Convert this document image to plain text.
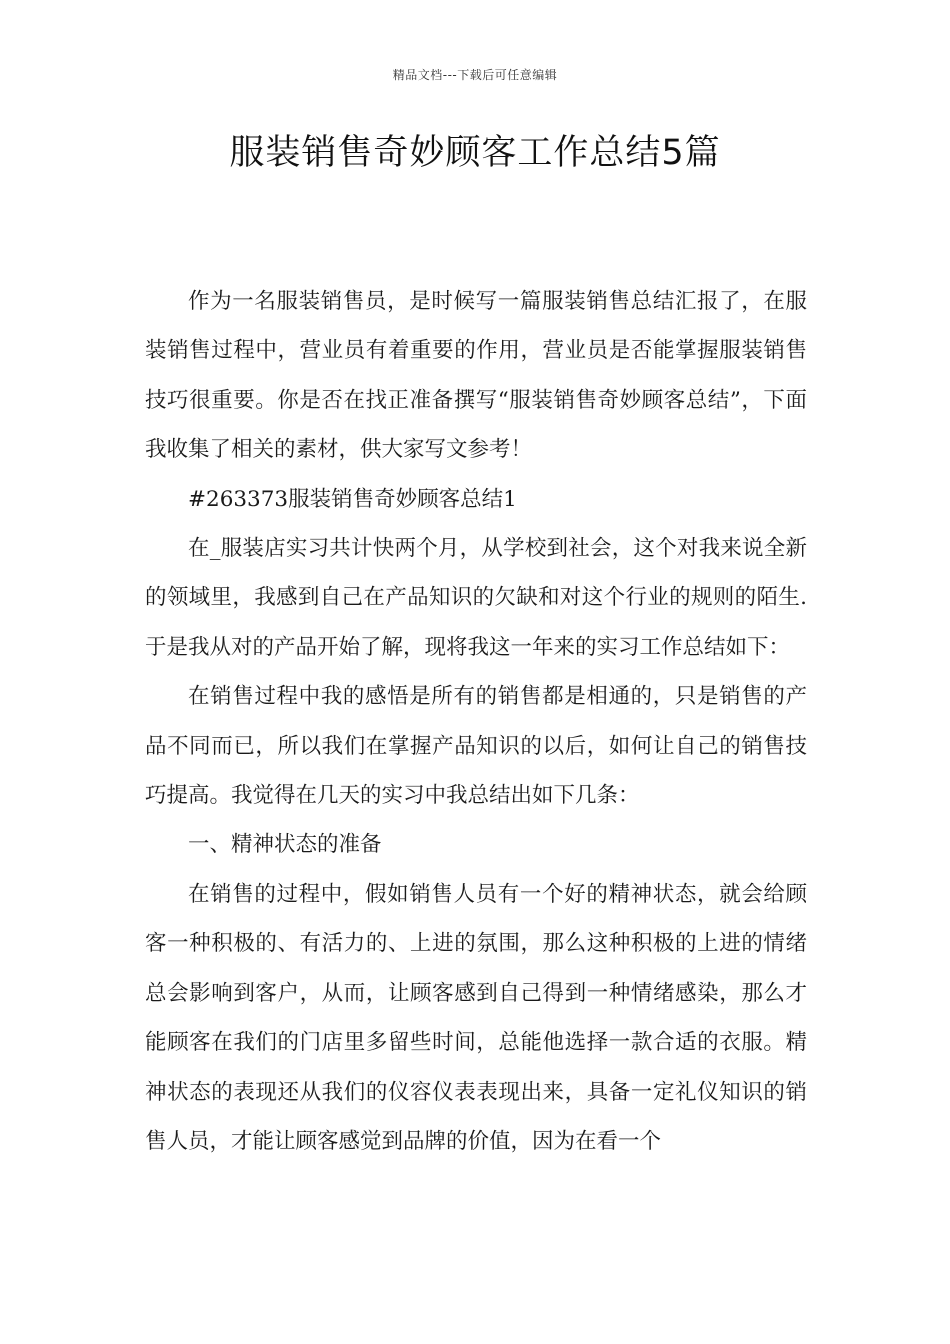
精品文档---下载后可任意编辑
服装销售奇妙顾客工作总结5篇

作为一名服装销售员，是时候写一篇服装销售总结汇报了，在服装销售过程中，营业员有着重要的作用，营业员是否能掌握服装销售技巧很重要。你是否在找正准备撰写“服装销售奇妙顾客总结”，下面我收集了相关的素材，供大家写文参考！

#263373服装销售奇妙顾客总结1

在_服装店实习共计快两个月，从学校到社会，这个对我来说全新的领域里，我感到自己在产品知识的欠缺和对这个行业的规则的陌生.于是我从对的产品开始了解，现将我这一年来的实习工作总结如下：

在销售过程中我的感悟是所有的销售都是相通的，只是销售的产品不同而已，所以我们在掌握产品知识的以后，如何让自己的销售技巧提高。我觉得在几天的实习中我总结出如下几条：

一、精神状态的准备

在销售的过程中，假如销售人员有一个好的精神状态，就会给顾客一种积极的、有活力的、上进的氛围，那么这种积极的上进的情绪总会影响到客户，从而，让顾客感到自己得到一种情绪感染，那么才能顾客在我们的门店里多留些时间，总能他选择一款合适的衣服。精神状态的表现还从我们的仪容仪表表现出来，具备一定礼仪知识的销售人员，才能让顾客感觉到品牌的价值，因为在看一个
